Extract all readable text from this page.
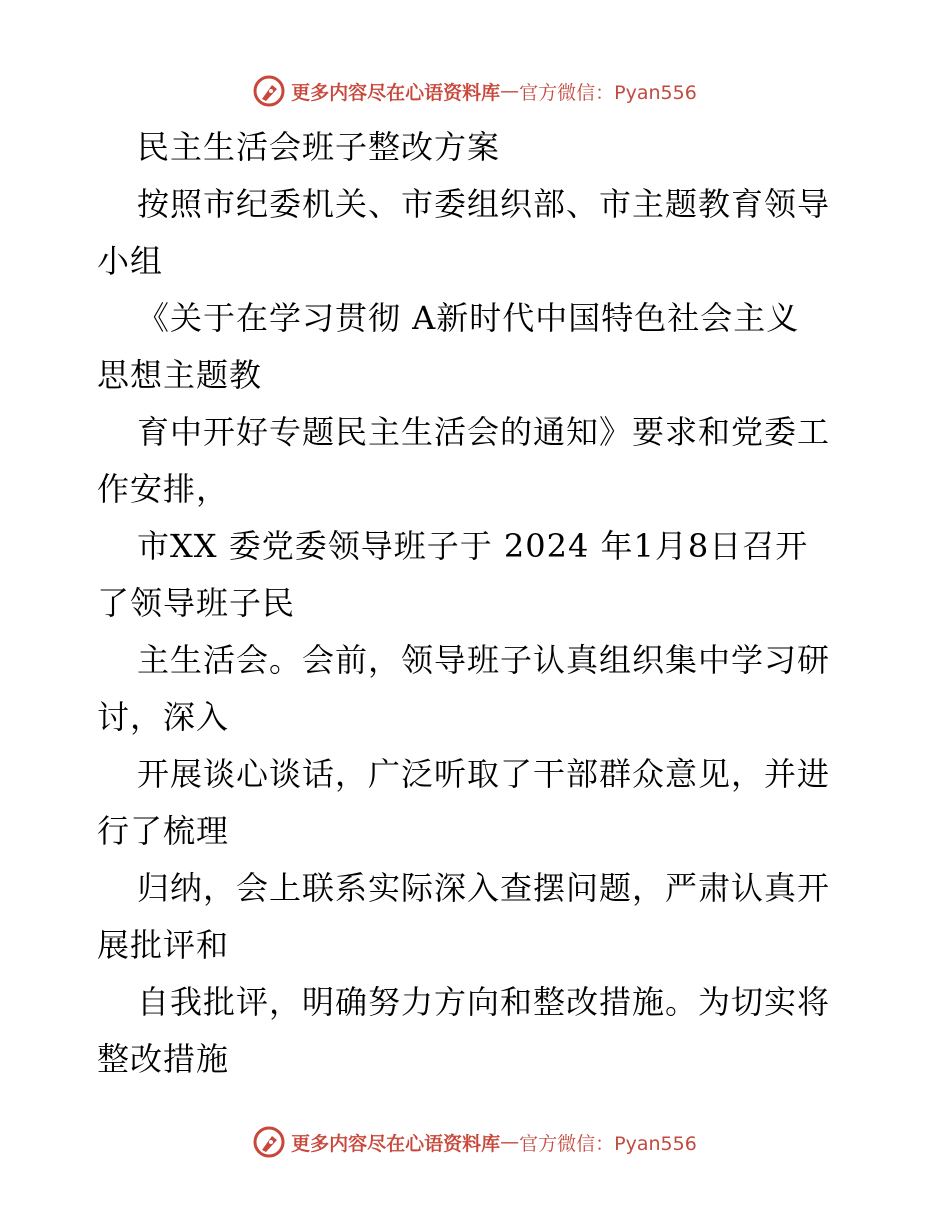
更多内容尽在心语资料库 — 官方微信：Pyan556
民主生活会班子整改方案
按照市纪委机关、市委组织部、市主题教育领导
小组
《关于在学习贯彻 A新时代中国特色社会主义
思想主题教
育中开好专题民主生活会的通知》要求和党委工
作安排，
市XX 委党委领导班子于 2024 年1月8日召开
了领导班子民
主生活会。会前，领导班子认真组织集中学习研
讨，深入
开展谈心谈话，广泛听取了干部群众意见，并进
行了梳理
归纳，会上联系实际深入查摆问题，严肃认真开
展批评和
自我批评，明确努力方向和整改措施。为切实将
整改措施
更多内容尽在心语资料库 — 官方微信：Pyan556
